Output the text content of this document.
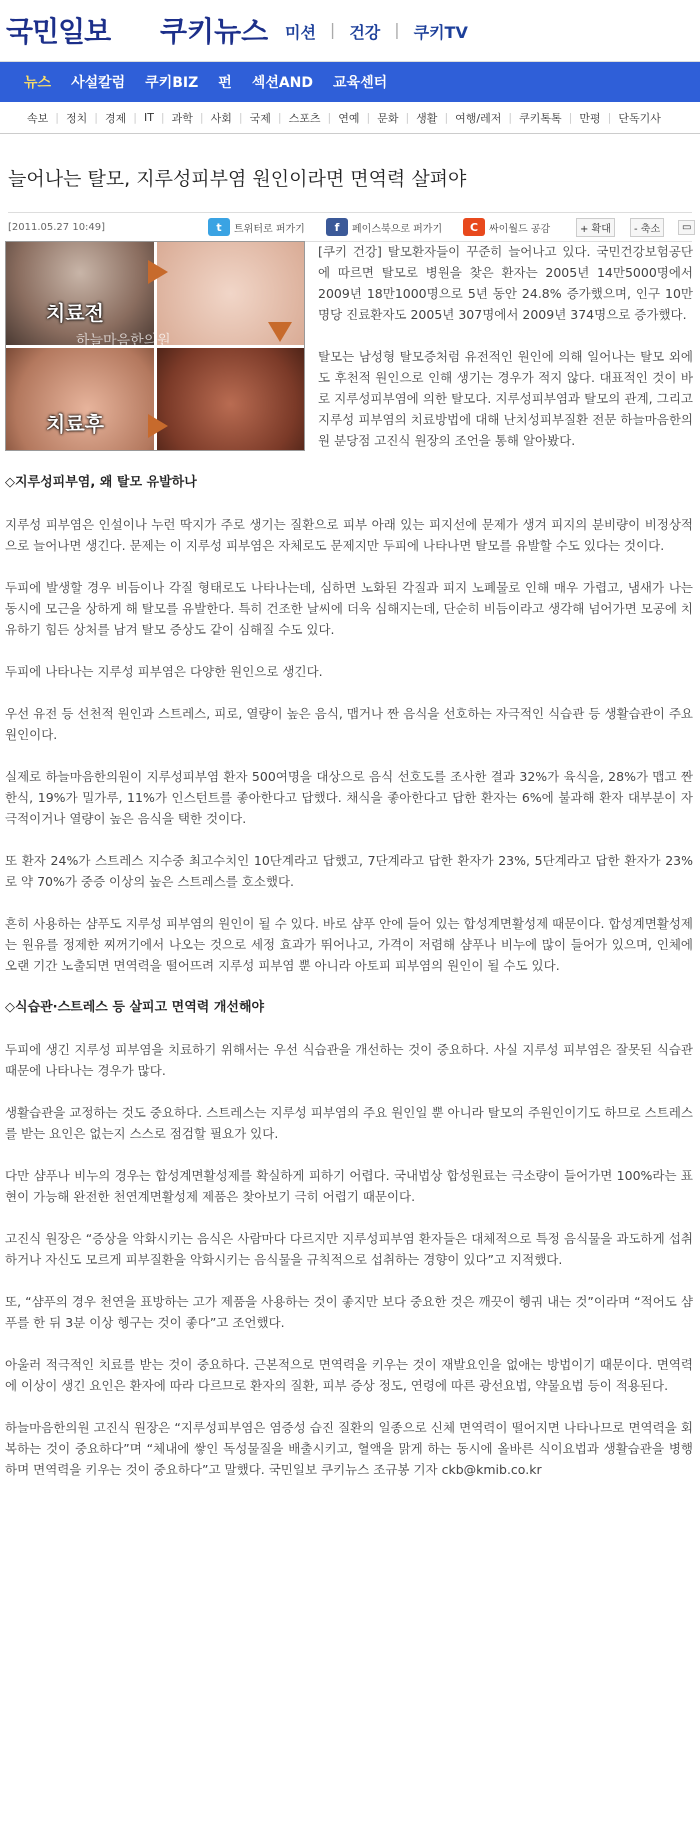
국민일보 쿠키뉴스 미션 | 건강 | 쿠키TV
뉴스 사설칼럼 쿠키BIZ 펀 섹션AND 교육센터
속보 | 정치 | 경제 | IT | 과학 | 사회 | 국제 | 스포츠 | 연예 | 문화 | 생활 | 여행/레저 | 쿠키톡톡 | 만평 | 단독기사
늘어나는 탈모, 지루성피부염 원인이라면 면역력 살펴야
[2011.05.27 10:49]	t	트위터로 퍼가기	f	페이스북으로 퍼가기	C	싸이월드 공감	+ 확대	- 축소	▭

[쿠키 건강] 탈모환자들이 꾸준히 늘어나고 있다. 국민건강보험공단에 따르면 탈모로 병원을 찾은 환자는 2005년 14만5000명에서 2009년 18만1000명으로 5년 동안 24.8% 증가했으며, 인구 10만 명당 진료환자도 2005년 307명에서 2009년 374명으로 증가했다.

탈모는 남성형 탈모증처럼 유전적인 원인에 의해 일어나는 탈모 외에도 후천적 원인으로 인해 생기는 경우가 적지 않다. 대표적인 것이 바로 지루성피부염에 의한 탈모다. 지루성피부염과 탈모의 관계, 그리고 지루성 피부염의 치료방법에 대해 난치성피부질환 전문 하늘마음한의원 분당점 고진식 원장의 조언을 통해 알아봤다.

◇지루성피부염, 왜 탈모 유발하나

지루성 피부염은 인설이나 누런 딱지가 주로 생기는 질환으로 피부 아래 있는 피지선에 문제가 생겨 피지의 분비량이 비정상적으로 늘어나면 생긴다. 문제는 이 지루성 피부염은 자체로도 문제지만 두피에 나타나면 탈모를 유발할 수도 있다는 것이다.

두피에 발생할 경우 비듬이나 각질 형태로도 나타나는데, 심하면 노화된 각질과 피지 노폐물로 인해 매우 가렵고, 냄새가 나는 동시에 모근을 상하게 해 탈모를 유발한다. 특히 건조한 날씨에 더욱 심해지는데, 단순히 비듬이라고 생각해 넘어가면 모공에 치유하기 힘든 상처를 남겨 탈모 증상도 같이 심해질 수도 있다.

두피에 나타나는 지루성 피부염은 다양한 원인으로 생긴다.

우선 유전 등 선천적 원인과 스트레스, 피로, 열량이 높은 음식, 맵거나 짠 음식을 선호하는 자극적인 식습관 등 생활습관이 주요 원인이다.

실제로 하늘마음한의원이 지루성피부염 환자 500여명을 대상으로 음식 선호도를 조사한 결과 32%가 육식을, 28%가 맵고 짠 한식, 19%가 밀가루, 11%가 인스턴트를 좋아한다고 답했다. 채식을 좋아한다고 답한 환자는 6%에 불과해 환자 대부분이 자극적이거나 열량이 높은 음식을 택한 것이다.

또 환자 24%가 스트레스 지수중 최고수치인 10단계라고 답했고, 7단계라고 답한 환자가 23%, 5단계라고 답한 환자가 23%로 약 70%가 중증 이상의 높은 스트레스를 호소했다.

흔히 사용하는 샴푸도 지루성 피부염의 원인이 될 수 있다. 바로 샴푸 안에 들어 있는 합성계면활성제 때문이다. 합성계면활성제는 원유를 정제한 찌꺼기에서 나오는 것으로 세정 효과가 뛰어나고, 가격이 저렴해 샴푸나 비누에 많이 들어가 있으며, 인체에 오랜 기간 노출되면 면역력을 떨어뜨려 지루성 피부염 뿐 아니라 아토피 피부염의 원인이 될 수도 있다.

◇식습관·스트레스 등 살피고 면역력 개선해야

두피에 생긴 지루성 피부염을 치료하기 위해서는 우선 식습관을 개선하는 것이 중요하다. 사실 지루성 피부염은 잘못된 식습관 때문에 나타나는 경우가 많다.

생활습관을 교정하는 것도 중요하다. 스트레스는 지루성 피부염의 주요 원인일 뿐 아니라 탈모의 주원인이기도 하므로 스트레스를 받는 요인은 없는지 스스로 점검할 필요가 있다.

다만 샴푸나 비누의 경우는 합성계면활성제를 확실하게 피하기 어렵다. 국내법상 합성원료는 극소량이 들어가면 100%라는 표현이 가능해 완전한 천연계면활성제 제품은 찾아보기 극히 어렵기 때문이다.

고진식 원장은 “증상을 악화시키는 음식은 사람마다 다르지만 지루성피부염 환자들은 대체적으로 특정 음식물을 과도하게 섭취하거나 자신도 모르게 피부질환을 악화시키는 음식물을 규칙적으로 섭취하는 경향이 있다”고 지적했다.

또, “샴푸의 경우 천연을 표방하는 고가 제품을 사용하는 것이 좋지만 보다 중요한 것은 깨끗이 헹궈 내는 것”이라며 “적어도 샴푸를 한 뒤 3분 이상 헹구는 것이 좋다”고 조언했다.

아울러 적극적인 치료를 받는 것이 중요하다. 근본적으로 면역력을 키우는 것이 재발요인을 없애는 방법이기 때문이다. 면역력에 이상이 생긴 요인은 환자에 따라 다르므로 환자의 질환, 피부 증상 정도, 연령에 따른 광선요법, 약물요법 등이 적용된다.

하늘마음한의원 고진식 원장은 “지루성피부염은 염증성 습진 질환의 일종으로 신체 면역력이 떨어지면 나타나므로 면역력을 회복하는 것이 중요하다”며 “체내에 쌓인 독성물질을 배출시키고, 혈액을 맑게 하는 동시에 올바른 식이요법과 생활습관을 병행하며 면역력을 키우는 것이 중요하다”고 말했다. 국민일보 쿠키뉴스 조규봉 기자 ckb@kmib.co.kr

치료전
치료후
하늘마음한의원
